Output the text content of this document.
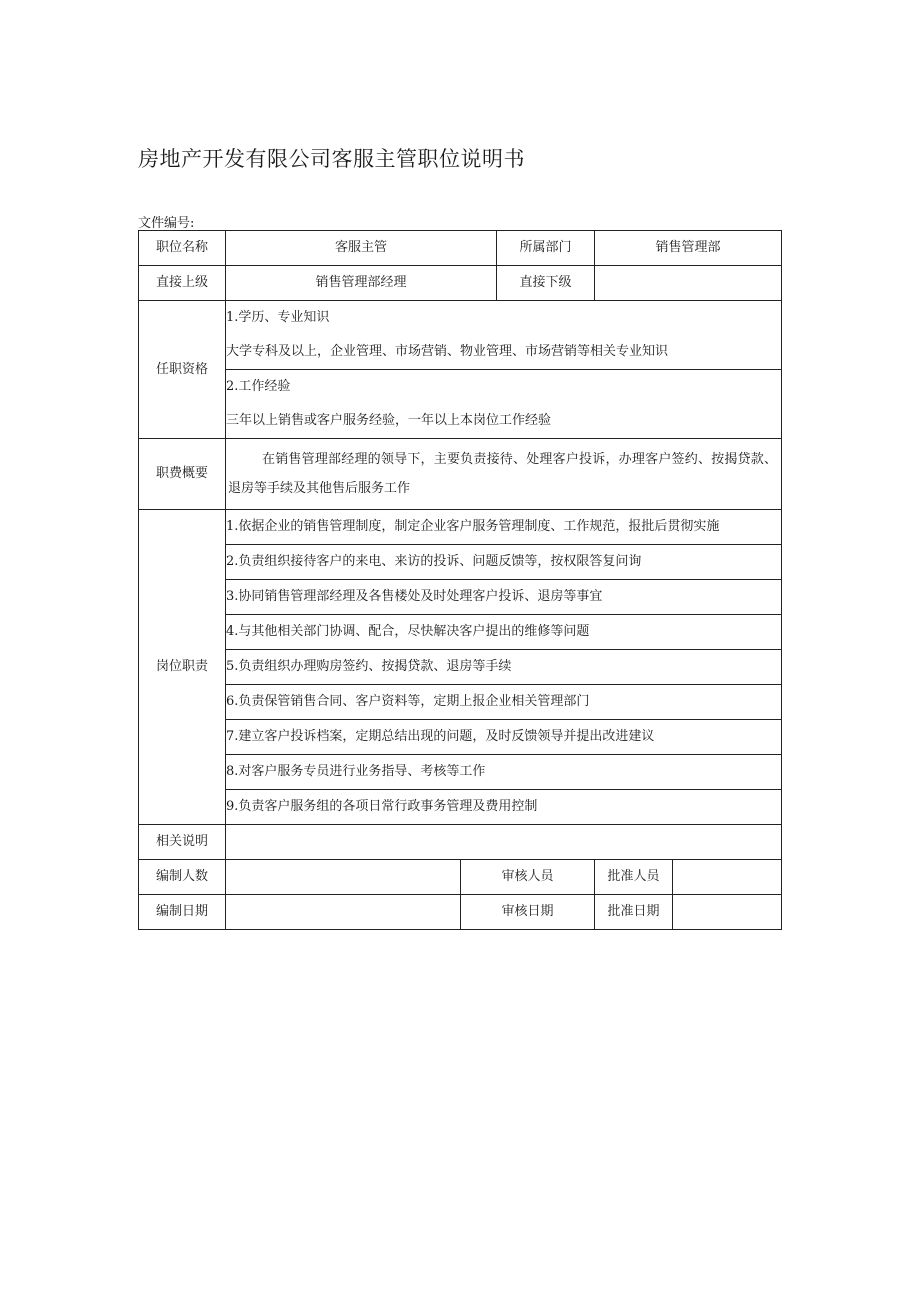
房地产开发有限公司客服主管职位说明书
文件编号:
职位名称	客服主管		所属部门	销售管理部	
直接上级	销售管理部经理		直接下级		
任职资格	1.学历、专业知识				
	大学专科及以上，企业管理、市场营销、物业管理、市场营销等相关专业知识				
	2.工作经验				
	三年以上销售或客户服务经验，一年以上本岗位工作经验				
职费概要	在销售管理部经理的领导下，主要负责接待、处理客户投诉，办理客户签约、按揭贷款、退房等手续及其他售后服务工作				

岗位职责	1.依据企业的销售管理制度，制定企业客户服务管理制度、工作规范，报批后贯彻实施				
	2.负责组织接待客户的来电、来访的投诉、问题反馈等，按权限答复问询				
	3.协同销售管理部经理及各售楼处及时处理客户投诉、退房等事宜				
	4.与其他相关部门协调、配合，尽快解决客户提出的维修等问题				
	5.负责组织办理购房签约、按揭贷款、退房等手续				
	6.负责保管销售合同、客户资料等，定期上报企业相关管理部门				
	7.建立客户投诉档案，定期总结出现的问题，及时反馈领导并提出改进建议				
	8.对客户服务专员进行业务指导、考核等工作				
	9.负责客户服务组的各项日常行政事务管理及费用控制				
相关说明					
编制人数		审核人员		批准人员	
编制日期		审核日期		批准日期	
